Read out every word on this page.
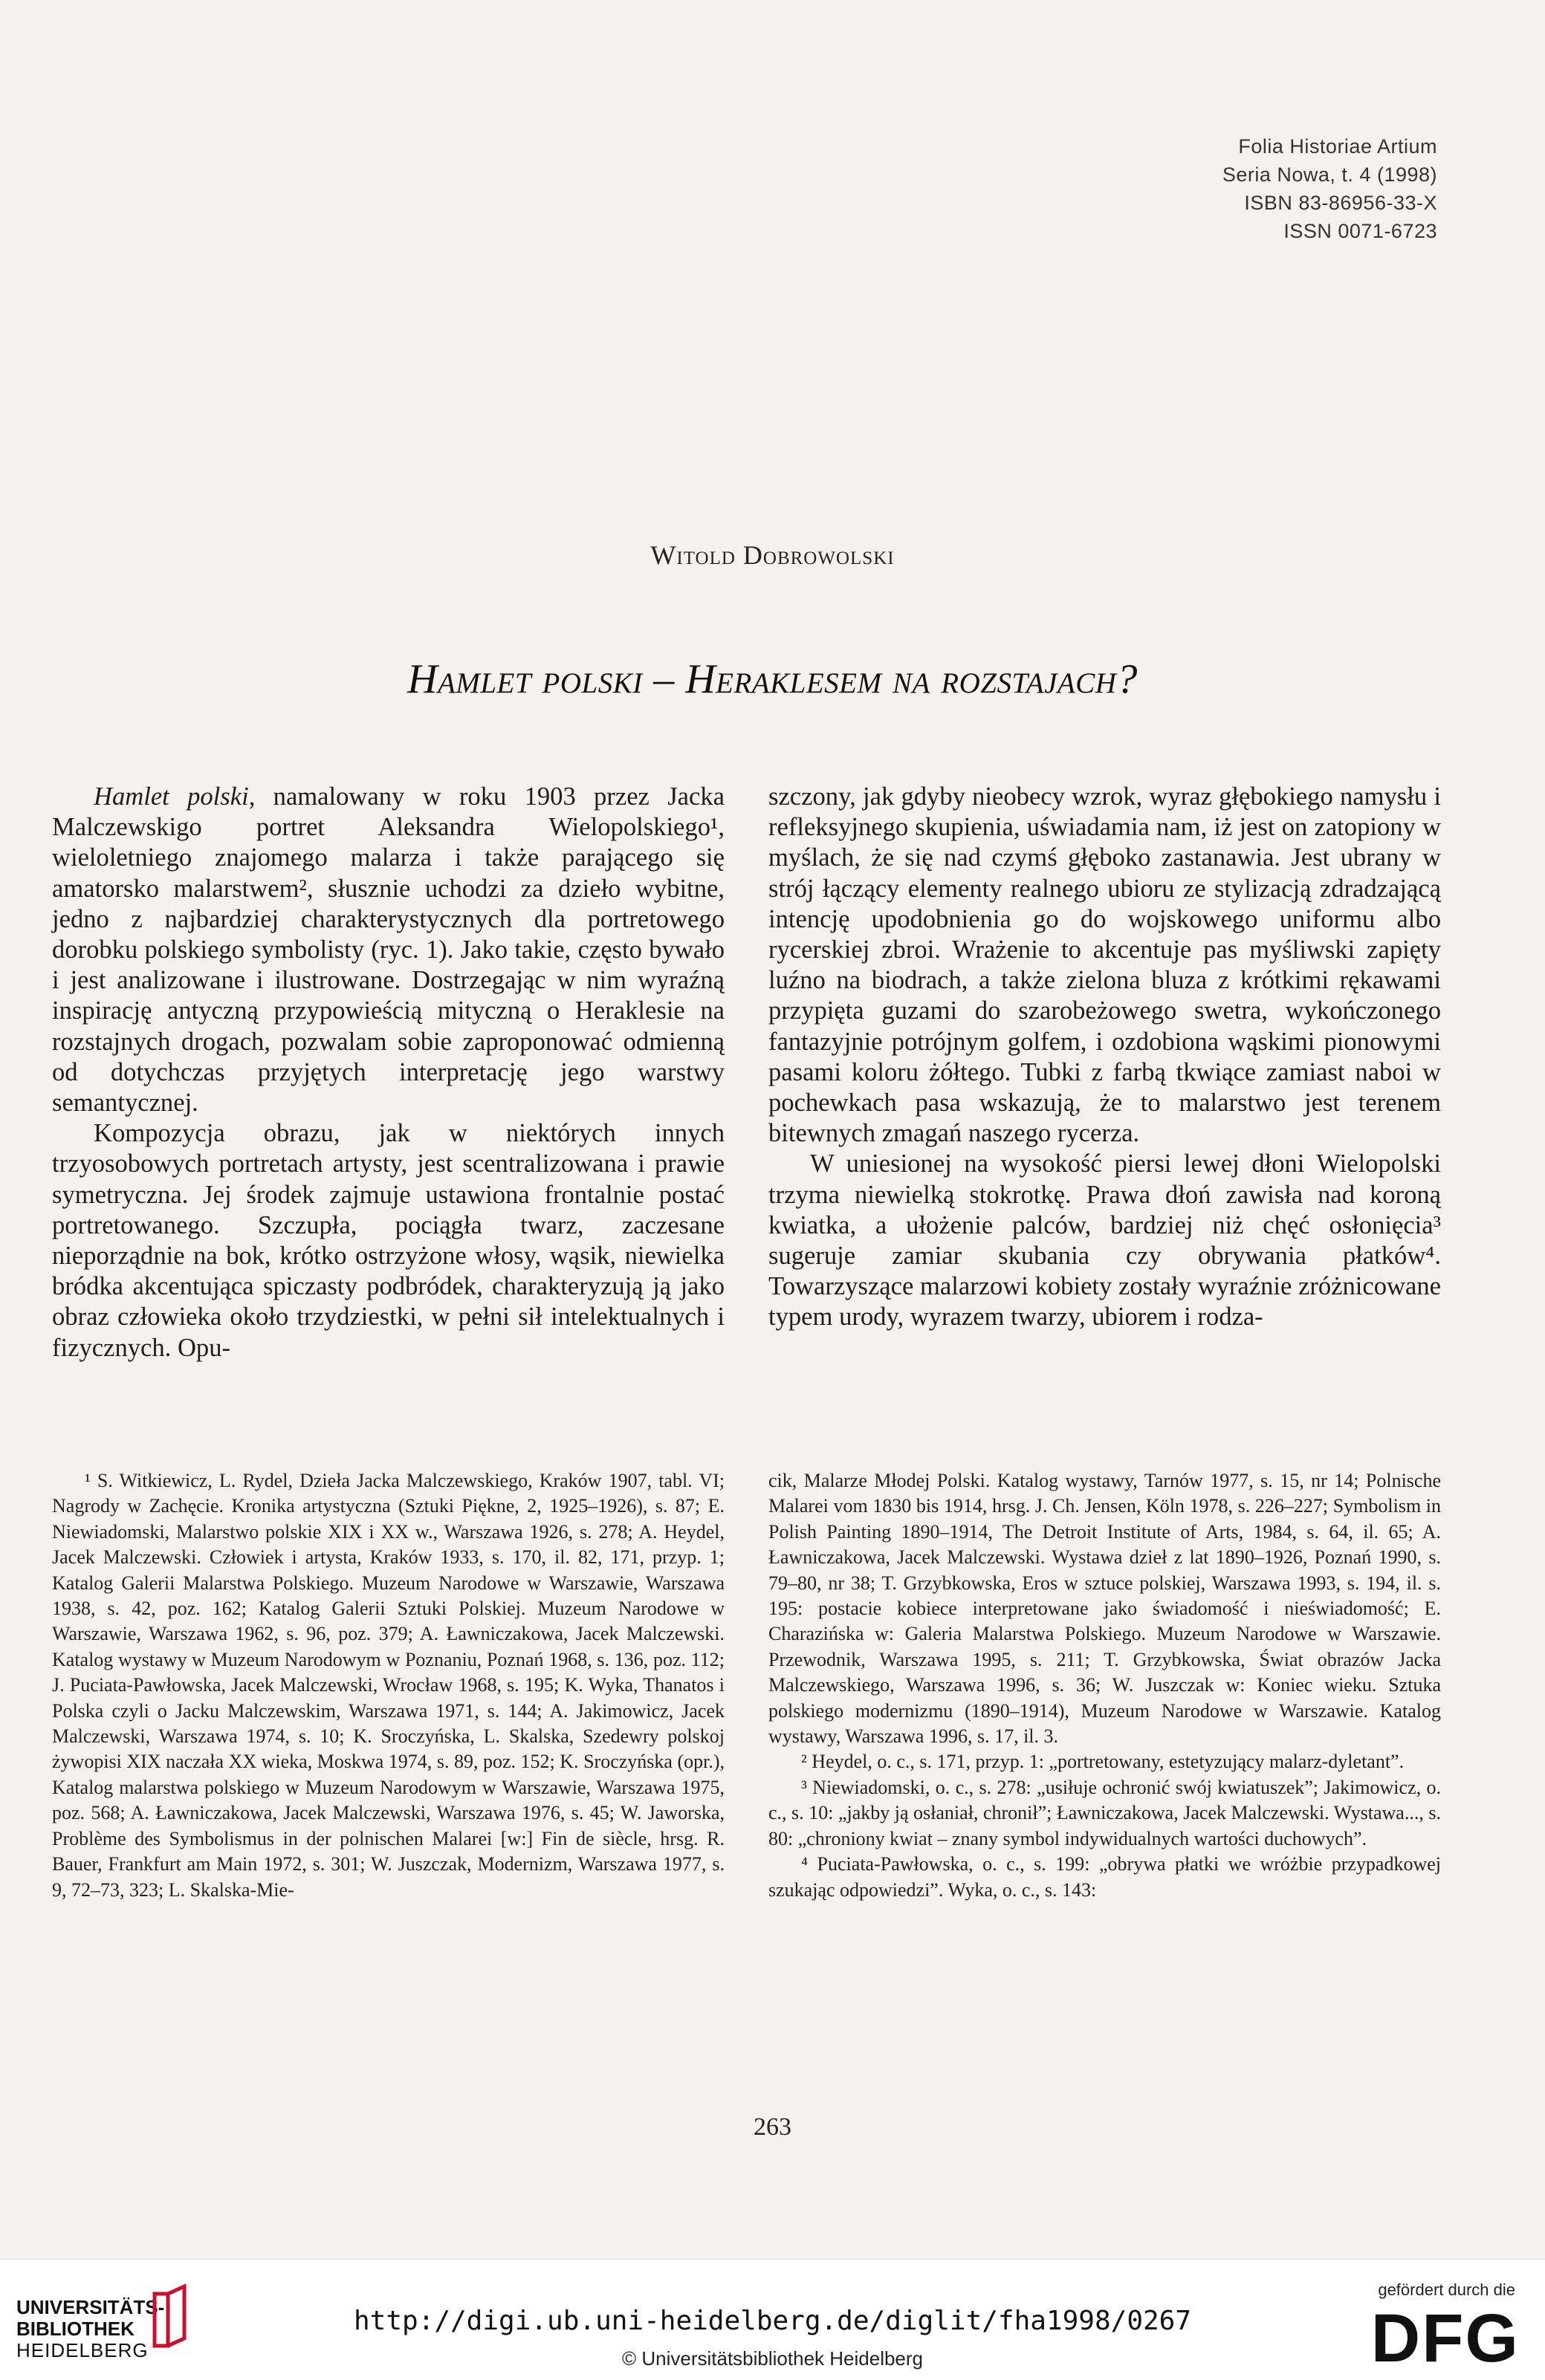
Folia Historiae Artium
Seria Nowa, t. 4 (1998)
ISBN 83-86956-33-X
ISSN 0071-6723
Witold Dobrowolski
Hamlet polski – Heraklesem na rozstajach?

Hamlet polski, namalowany w roku 1903 przez Jacka Malczewskigo portret Aleksandra Wielopolskiego¹, wieloletniego znajomego malarza i także parającego się amatorsko malarstwem², słusznie uchodzi za dzieło wybitne, jedno z najbardziej charakterystycznych dla portretowego dorobku polskiego symbolisty (ryc. 1). Jako takie, często bywało i jest analizowane i ilustrowane. Dostrzegając w nim wyraźną inspirację antyczną przypowieścią mityczną o Heraklesie na rozstajnych drogach, pozwalam sobie zaproponować odmienną od dotychczas przyjętych interpretację jego warstwy semantycznej.

Kompozycja obrazu, jak w niektórych innych trzyosobowych portretach artysty, jest scentralizowana i prawie symetryczna. Jej środek zajmuje ustawiona frontalnie postać portretowanego. Szczupła, pociągła twarz, zaczesane nieporządnie na bok, krótko ostrzyżone włosy, wąsik, niewielka bródka akcentująca spiczasty podbródek, charakteryzują ją jako obraz człowieka około trzydziestki, w pełni sił intelektualnych i fizycznych. Opu-

szczony, jak gdyby nieobecy wzrok, wyraz głębokiego namysłu i refleksyjnego skupienia, uświadamia nam, iż jest on zatopiony w myślach, że się nad czymś głęboko zastanawia. Jest ubrany w strój łączący elementy realnego ubioru ze stylizacją zdradzającą intencję upodobnienia go do wojskowego uniformu albo rycerskiej zbroi. Wrażenie to akcentuje pas myśliwski zapięty luźno na biodrach, a także zielona bluza z krótkimi rękawami przypięta guzami do szarobeżowego swetra, wykończonego fantazyjnie potrójnym golfem, i ozdobiona wąskimi pionowymi pasami koloru żółtego. Tubki z farbą tkwiące zamiast naboi w pochewkach pasa wskazują, że to malarstwo jest terenem bitewnych zmagań naszego rycerza.

W uniesionej na wysokość piersi lewej dłoni Wielopolski trzyma niewielką stokrotkę. Prawa dłoń zawisła nad koroną kwiatka, a ułożenie palców, bardziej niż chęć osłonięcia³ sugeruje zamiar skubania czy obrywania płatków⁴. Towarzyszące malarzowi kobiety zostały wyraźnie zróżnicowane typem urody, wyrazem twarzy, ubiorem i rodza-

¹ S. Witkiewicz, L. Rydel, Dzieła Jacka Malczewskiego, Kraków 1907, tabl. VI; Nagrody w Zachęcie. Kronika artystyczna (Sztuki Piękne, 2, 1925–1926), s. 87; E. Niewiadomski, Malarstwo polskie XIX i XX w., Warszawa 1926, s. 278; A. Heydel, Jacek Malczewski. Człowiek i artysta, Kraków 1933, s. 170, il. 82, 171, przyp. 1; Katalog Galerii Malarstwa Polskiego. Muzeum Narodowe w Warszawie, Warszawa 1938, s. 42, poz. 162; Katalog Galerii Sztuki Polskiej. Muzeum Narodowe w Warszawie, Warszawa 1962, s. 96, poz. 379; A. Ławniczakowa, Jacek Malczewski. Katalog wystawy w Muzeum Narodowym w Poznaniu, Poznań 1968, s. 136, poz. 112; J. Puciata-Pawłowska, Jacek Malczewski, Wrocław 1968, s. 195; K. Wyka, Thanatos i Polska czyli o Jacku Malczewskim, Warszawa 1971, s. 144; A. Jakimowicz, Jacek Malczewski, Warszawa 1974, s. 10; K. Sroczyńska, L. Skalska, Szedewry polskoj żywopisi XIX naczała XX wieka, Moskwa 1974, s. 89, poz. 152; K. Sroczyńska (opr.), Katalog malarstwa polskiego w Muzeum Narodowym w Warszawie, Warszawa 1975, poz. 568; A. Ławniczakowa, Jacek Malczewski, Warszawa 1976, s. 45; W. Jaworska, Problème des Symbolismus in der polnischen Malarei [w:] Fin de siècle, hrsg. R. Bauer, Frankfurt am Main 1972, s. 301; W. Juszczak, Modernizm, Warszawa 1977, s. 9, 72–73, 323; L. Skalska-Mie-

cik, Malarze Młodej Polski. Katalog wystawy, Tarnów 1977, s. 15, nr 14; Polnische Malarei vom 1830 bis 1914, hrsg. J. Ch. Jensen, Köln 1978, s. 226–227; Symbolism in Polish Painting 1890–1914, The Detroit Institute of Arts, 1984, s. 64, il. 65; A. Ławniczakowa, Jacek Malczewski. Wystawa dzieł z lat 1890–1926, Poznań 1990, s. 79–80, nr 38; T. Grzybkowska, Eros w sztuce polskiej, Warszawa 1993, s. 194, il. s. 195: postacie kobiece interpretowane jako świadomość i nieświadomość; E. Charazińska w: Galeria Malarstwa Polskiego. Muzeum Narodowe w Warszawie. Przewodnik, Warszawa 1995, s. 211; T. Grzybkowska, Świat obrazów Jacka Malczewskiego, Warszawa 1996, s. 36; W. Juszczak w: Koniec wieku. Sztuka polskiego modernizmu (1890–1914), Muzeum Narodowe w Warszawie. Katalog wystawy, Warszawa 1996, s. 17, il. 3.

² Heydel, o. c., s. 171, przyp. 1: „portretowany, estetyzujący malarz-dyletant”.

³ Niewiadomski, o. c., s. 278: „usiłuje ochronić swój kwiatuszek”; Jakimowicz, o. c., s. 10: „jakby ją osłaniał, chronił”; Ławniczakowa, Jacek Malczewski. Wystawa..., s. 80: „chroniony kwiat – znany symbol indywidualnych wartości duchowych”.

⁴ Puciata-Pawłowska, o. c., s. 199: „obrywa płatki we wróżbie przypadkowej szukając odpowiedzi”. Wyka, o. c., s. 143:

263
UNIVERSITÄTS-
BIBLIOTHEK
HEIDELBERG
http://digi.ub.uni-heidelberg.de/diglit/fha1998/0267
© Universitätsbibliothek Heidelberg
gefördert durch die
DFG
